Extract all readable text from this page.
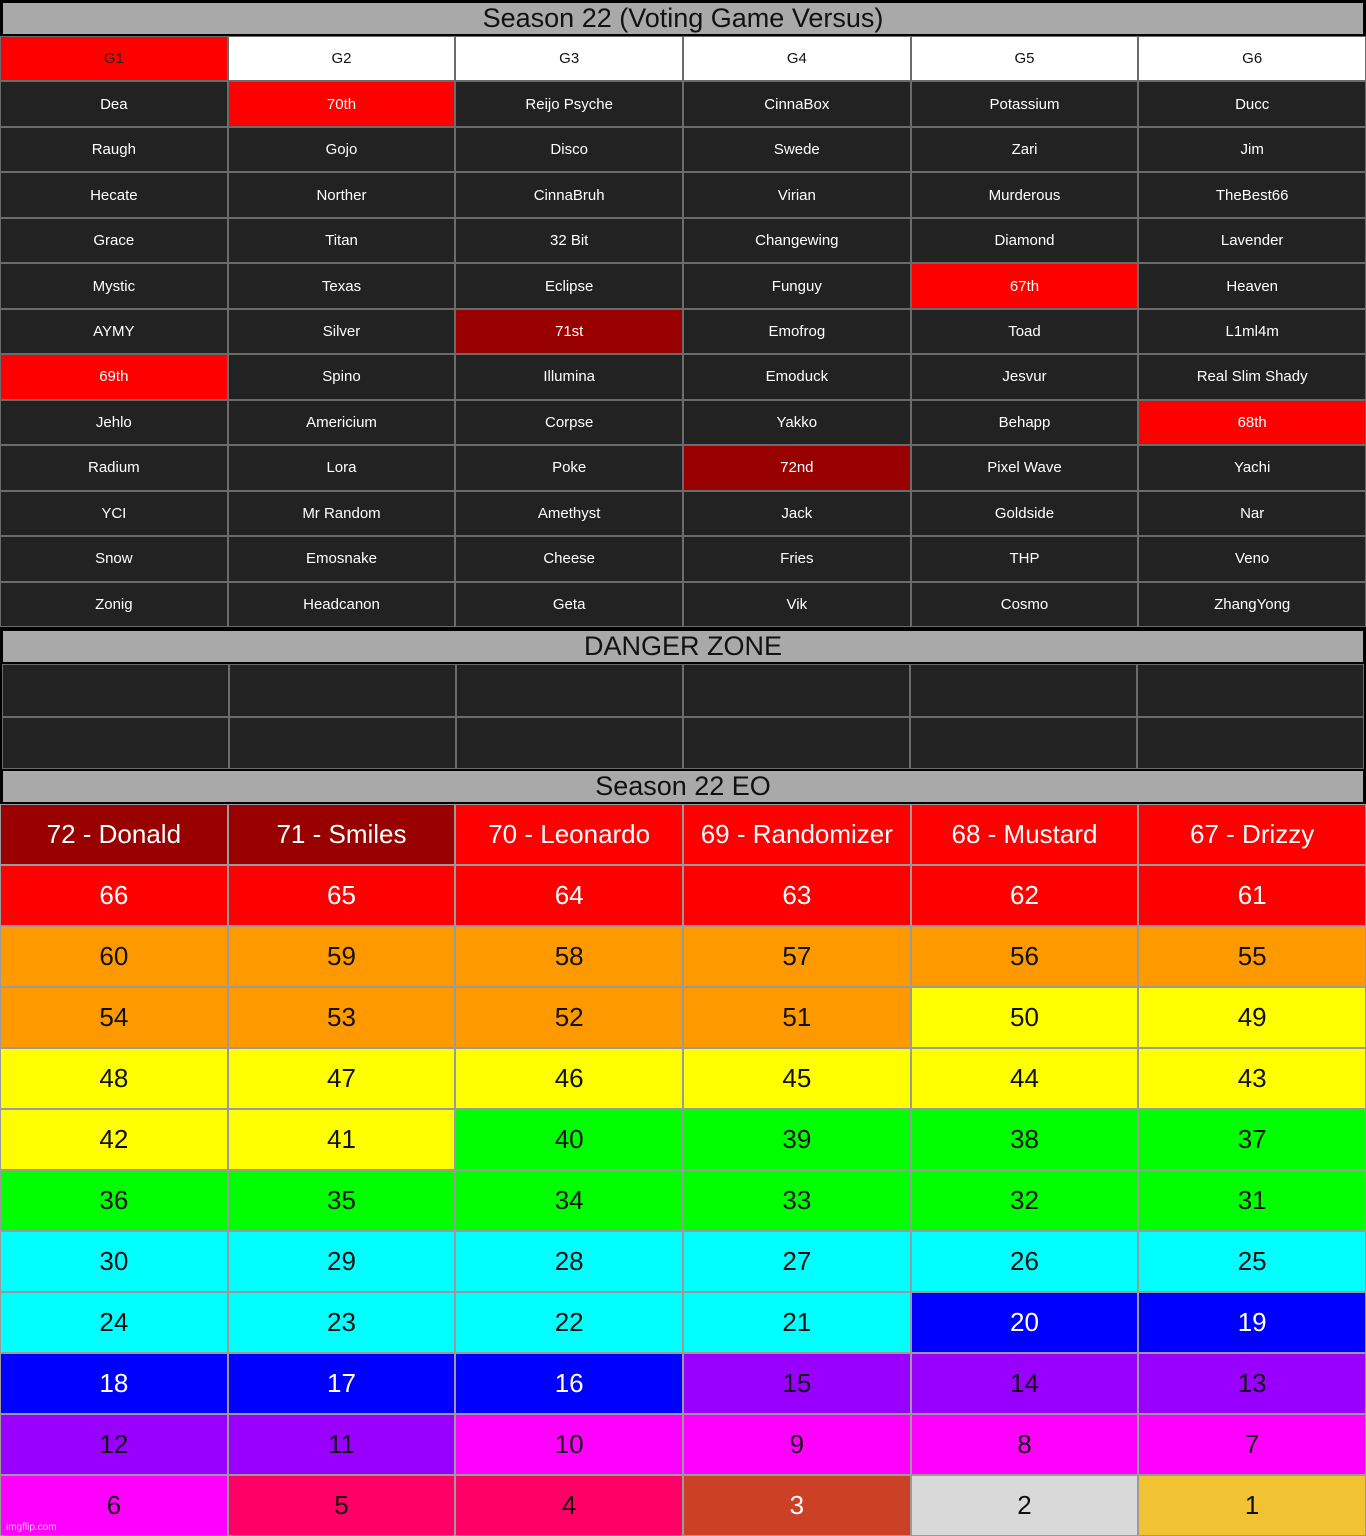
Season 22 (Voting Game Versus)
G1	G2	G3	G4	G5	G6
Dea	70th	Reijo Psyche	CinnaBox	Potassium	Ducc
Raugh	Gojo	Disco	Swede	Zari	Jim
Hecate	Norther	CinnaBruh	Virian	Murderous	TheBest66
Grace	Titan	32 Bit	Changewing	Diamond	Lavender
Mystic	Texas	Eclipse	Funguy	67th	Heaven
AYMY	Silver	71st	Emofrog	Toad	L1ml4m
69th	Spino	Illumina	Emoduck	Jesvur	Real Slim Shady
Jehlo	Americium	Corpse	Yakko	Behapp	68th
Radium	Lora	Poke	72nd	Pixel Wave	Yachi
YCI	Mr Random	Amethyst	Jack	Goldside	Nar
Snow	Emosnake	Cheese	Fries	THP	Veno
Zonig	Headcanon	Geta	Vik	Cosmo	ZhangYong
DANGER ZONE
Season 22 EO
72 - Donald	71 - Smiles	70 - Leonardo	69 - Randomizer	68 - Mustard	67 - Drizzy
66	65	64	63	62	61
60	59	58	57	56	55
54	53	52	51	50	49
48	47	46	45	44	43
42	41	40	39	38	37
36	35	34	33	32	31
30	29	28	27	26	25
24	23	22	21	20	19
18	17	16	15	14	13
12	11	10	9	8	7
6	5	4	3	2	1
imgflip.com
